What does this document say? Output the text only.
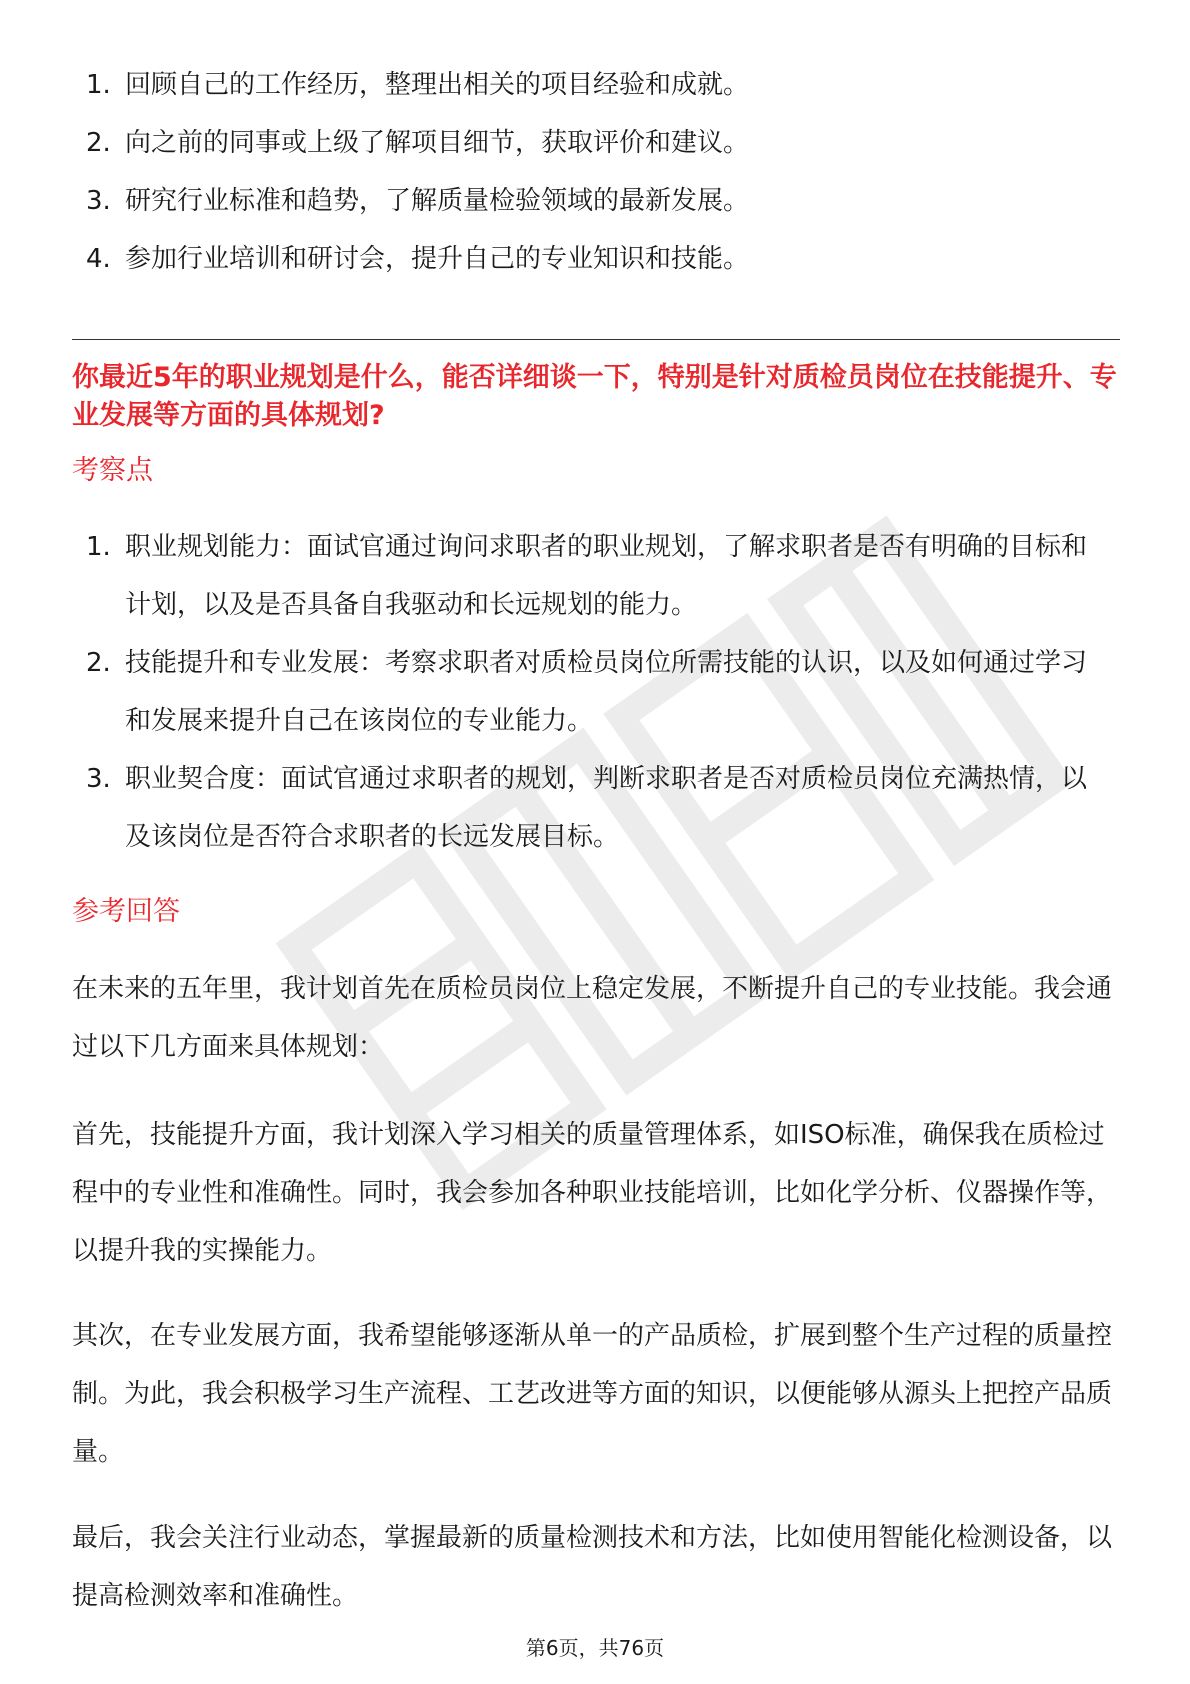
1. 回顾自己的工作经历，整理出相关的项目经验和成就。
2. 向之前的同事或上级了解项目细节，获取评价和建议。
3. 研究行业标准和趋势，了解质量检验领域的最新发展。
4. 参加行业培训和研讨会，提升自己的专业知识和技能。
你最近5年的职业规划是什么，能否详细谈一下，特别是针对质检员岗位在技能提升、专业发展等方面的具体规划?
考察点
1. 职业规划能力：面试官通过询问求职者的职业规划，了解求职者是否有明确的目标和计划，以及是否具备自我驱动和长远规划的能力。
2. 技能提升和专业发展：考察求职者对质检员岗位所需技能的认识，以及如何通过学习和发展来提升自己在该岗位的专业能力。
3. 职业契合度：面试官通过求职者的规划，判断求职者是否对质检员岗位充满热情，以及该岗位是否符合求职者的长远发展目标。
参考回答

在未来的五年里，我计划首先在质检员岗位上稳定发展，不断提升自己的专业技能。我会通过以下几方面来具体规划：

首先，技能提升方面，我计划深入学习相关的质量管理体系，如ISO标准，确保我在质检过程中的专业性和准确性。同时，我会参加各种职业技能培训，比如化学分析、仪器操作等，以提升我的实操能力。

其次，在专业发展方面，我希望能够逐渐从单一的产品质检，扩展到整个生产过程的质量控制。为此，我会积极学习生产流程、工艺改进等方面的知识，以便能够从源头上把控产品质量。

最后，我会关注行业动态，掌握最新的质量检测技术和方法，比如使用智能化检测设备，以提高检测效率和准确性。

第6页，共76页
